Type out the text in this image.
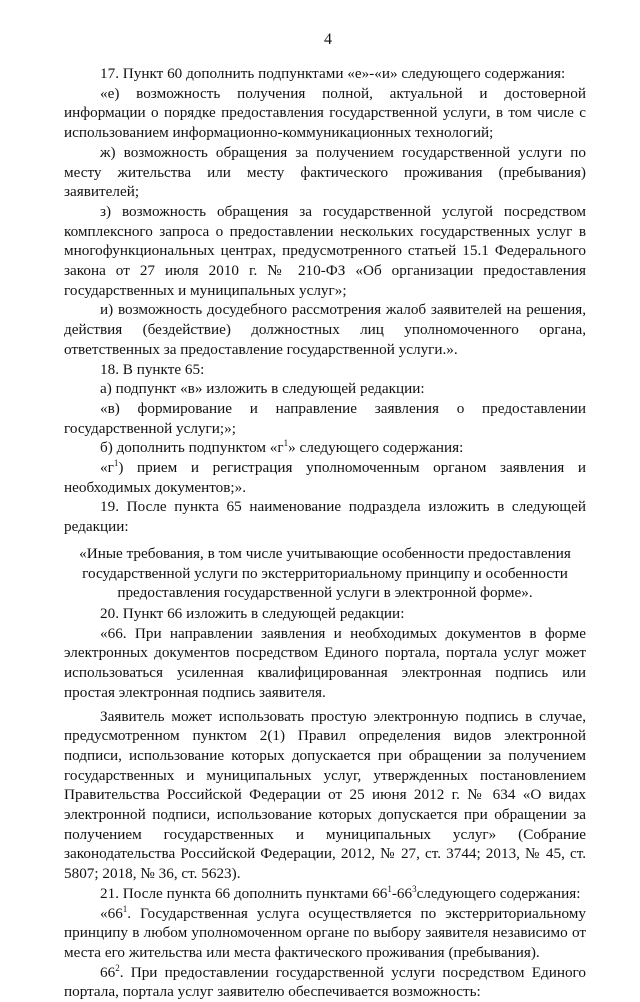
4

17. Пункт 60 дополнить подпунктами «е»-«и» следующего содержания:

«е) возможность получения полной, актуальной и достоверной информации о порядке предоставления государственной услуги, в том числе с использованием информационно-коммуникационных технологий;

ж) возможность обращения за получением государственной услуги по месту жительства или месту фактического проживания (пребывания) заявителей;

з) возможность обращения за государственной услугой посредством комплексного запроса о предоставлении нескольких государственных услуг в многофункциональных центрах, предусмотренного статьей 15.1 Федерального закона от 27 июля 2010 г. № 210-ФЗ «Об организации предоставления государственных и муниципальных услуг»;

и) возможность досудебного рассмотрения жалоб заявителей на решения, действия (бездействие) должностных лиц уполномоченного органа, ответственных за предоставление государственной услуги.».

18. В пункте 65:

а) подпункт «в» изложить в следующей редакции:

«в) формирование и направление заявления о предоставлении государственной услуги;»;

б) дополнить подпунктом «$г^1$» следующего содержания:

«$г^1$) прием и регистрация уполномоченным органом заявления и необходимых документов;».

19. После пункта 65 наименование подраздела изложить в следующей редакции:

«Иные требования, в том числе учитывающие особенности предоставления государственной услуги по экстерриториальному принципу и особенности предоставления государственной услуги в электронной форме».

20. Пункт 66 изложить в следующей редакции:

«66. При направлении заявления и необходимых документов в форме электронных документов посредством Единого портала, портала услуг может использоваться усиленная квалифицированная электронная подпись или простая электронная подпись заявителя.

Заявитель может использовать простую электронную подпись в случае, предусмотренном пунктом 2(1) Правил определения видов электронной подписи, использование которых допускается при обращении за получением государственных и муниципальных услуг, утвержденных постановлением Правительства Российской Федерации от 25 июня 2012 г. № 634 «О видах электронной подписи, использование которых допускается при обращении за получением государственных и муниципальных услуг» (Собрание законодательства Российской Федерации, 2012, № 27, ст. 3744; 2013, № 45, ст. 5807; 2018, № 36, ст. 5623).

21. После пункта 66 дополнить пунктами $66^1-66^3следующего$ содержания:

«$66^1$. Государственная услуга осуществляется по экстерриториальному принципу в любом уполномоченном органе по выбору заявителя независимо от места его жительства или места фактического проживания (пребывания).

$66^2$. При предоставлении государственной услуги посредством Единого портала, портала услуг заявителю обеспечивается возможность:
